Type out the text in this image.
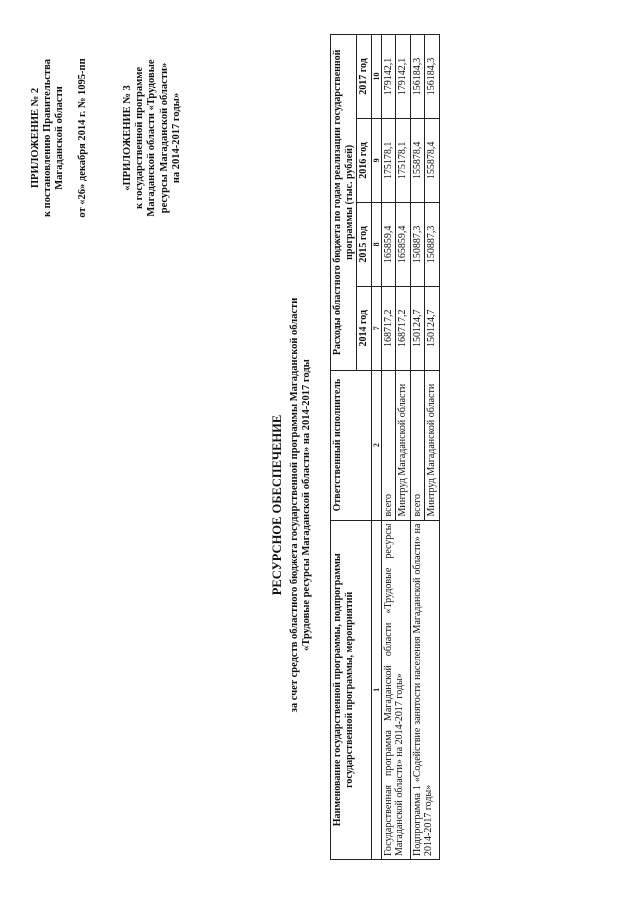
ПРИЛОЖЕНИЕ № 2 к постановлению Правительства Магаданской области от «26» декабря 2014 г. № 1095-пп	«ПРИЛОЖЕНИЕ № 3 к государственной программе Магаданской области «Трудовые ресурсы Магаданской области» на 2014-2017 годы»
РЕСУРСНОЕ ОБЕСПЕЧЕНИЕ за счет средств областного бюджета государственной программы Магаданской области «Трудовые ресурсы Магаданской области» на 2014-2017 годы
Наименование государственной программы, подпрограммы государственной программы, мероприятий	Ответственный исполнитель	Расходы областного бюджета по годам реализации государственной программы (тыс. рублей)			
		2014 год	2015 год	2016 год	2017 год
1	2	7	8	9	10
Государственная программа Магаданской области «Трудовые ресурсы Магаданской области» на 2014-2017 годы»	всего	168717,2	165859,4	175178,1	179142,1
	Минтруд Магаданской области	168717,2	165859,4	175178,1	179142,1
Подпрограмма 1 «Содействие занятости населения Магаданской области» на 2014-2017 годы»	всего	150124,7	150887,3	155878,4	156184,3
	Минтруд Магаданской области	150124,7	150887,3	155878,4	156184,3
